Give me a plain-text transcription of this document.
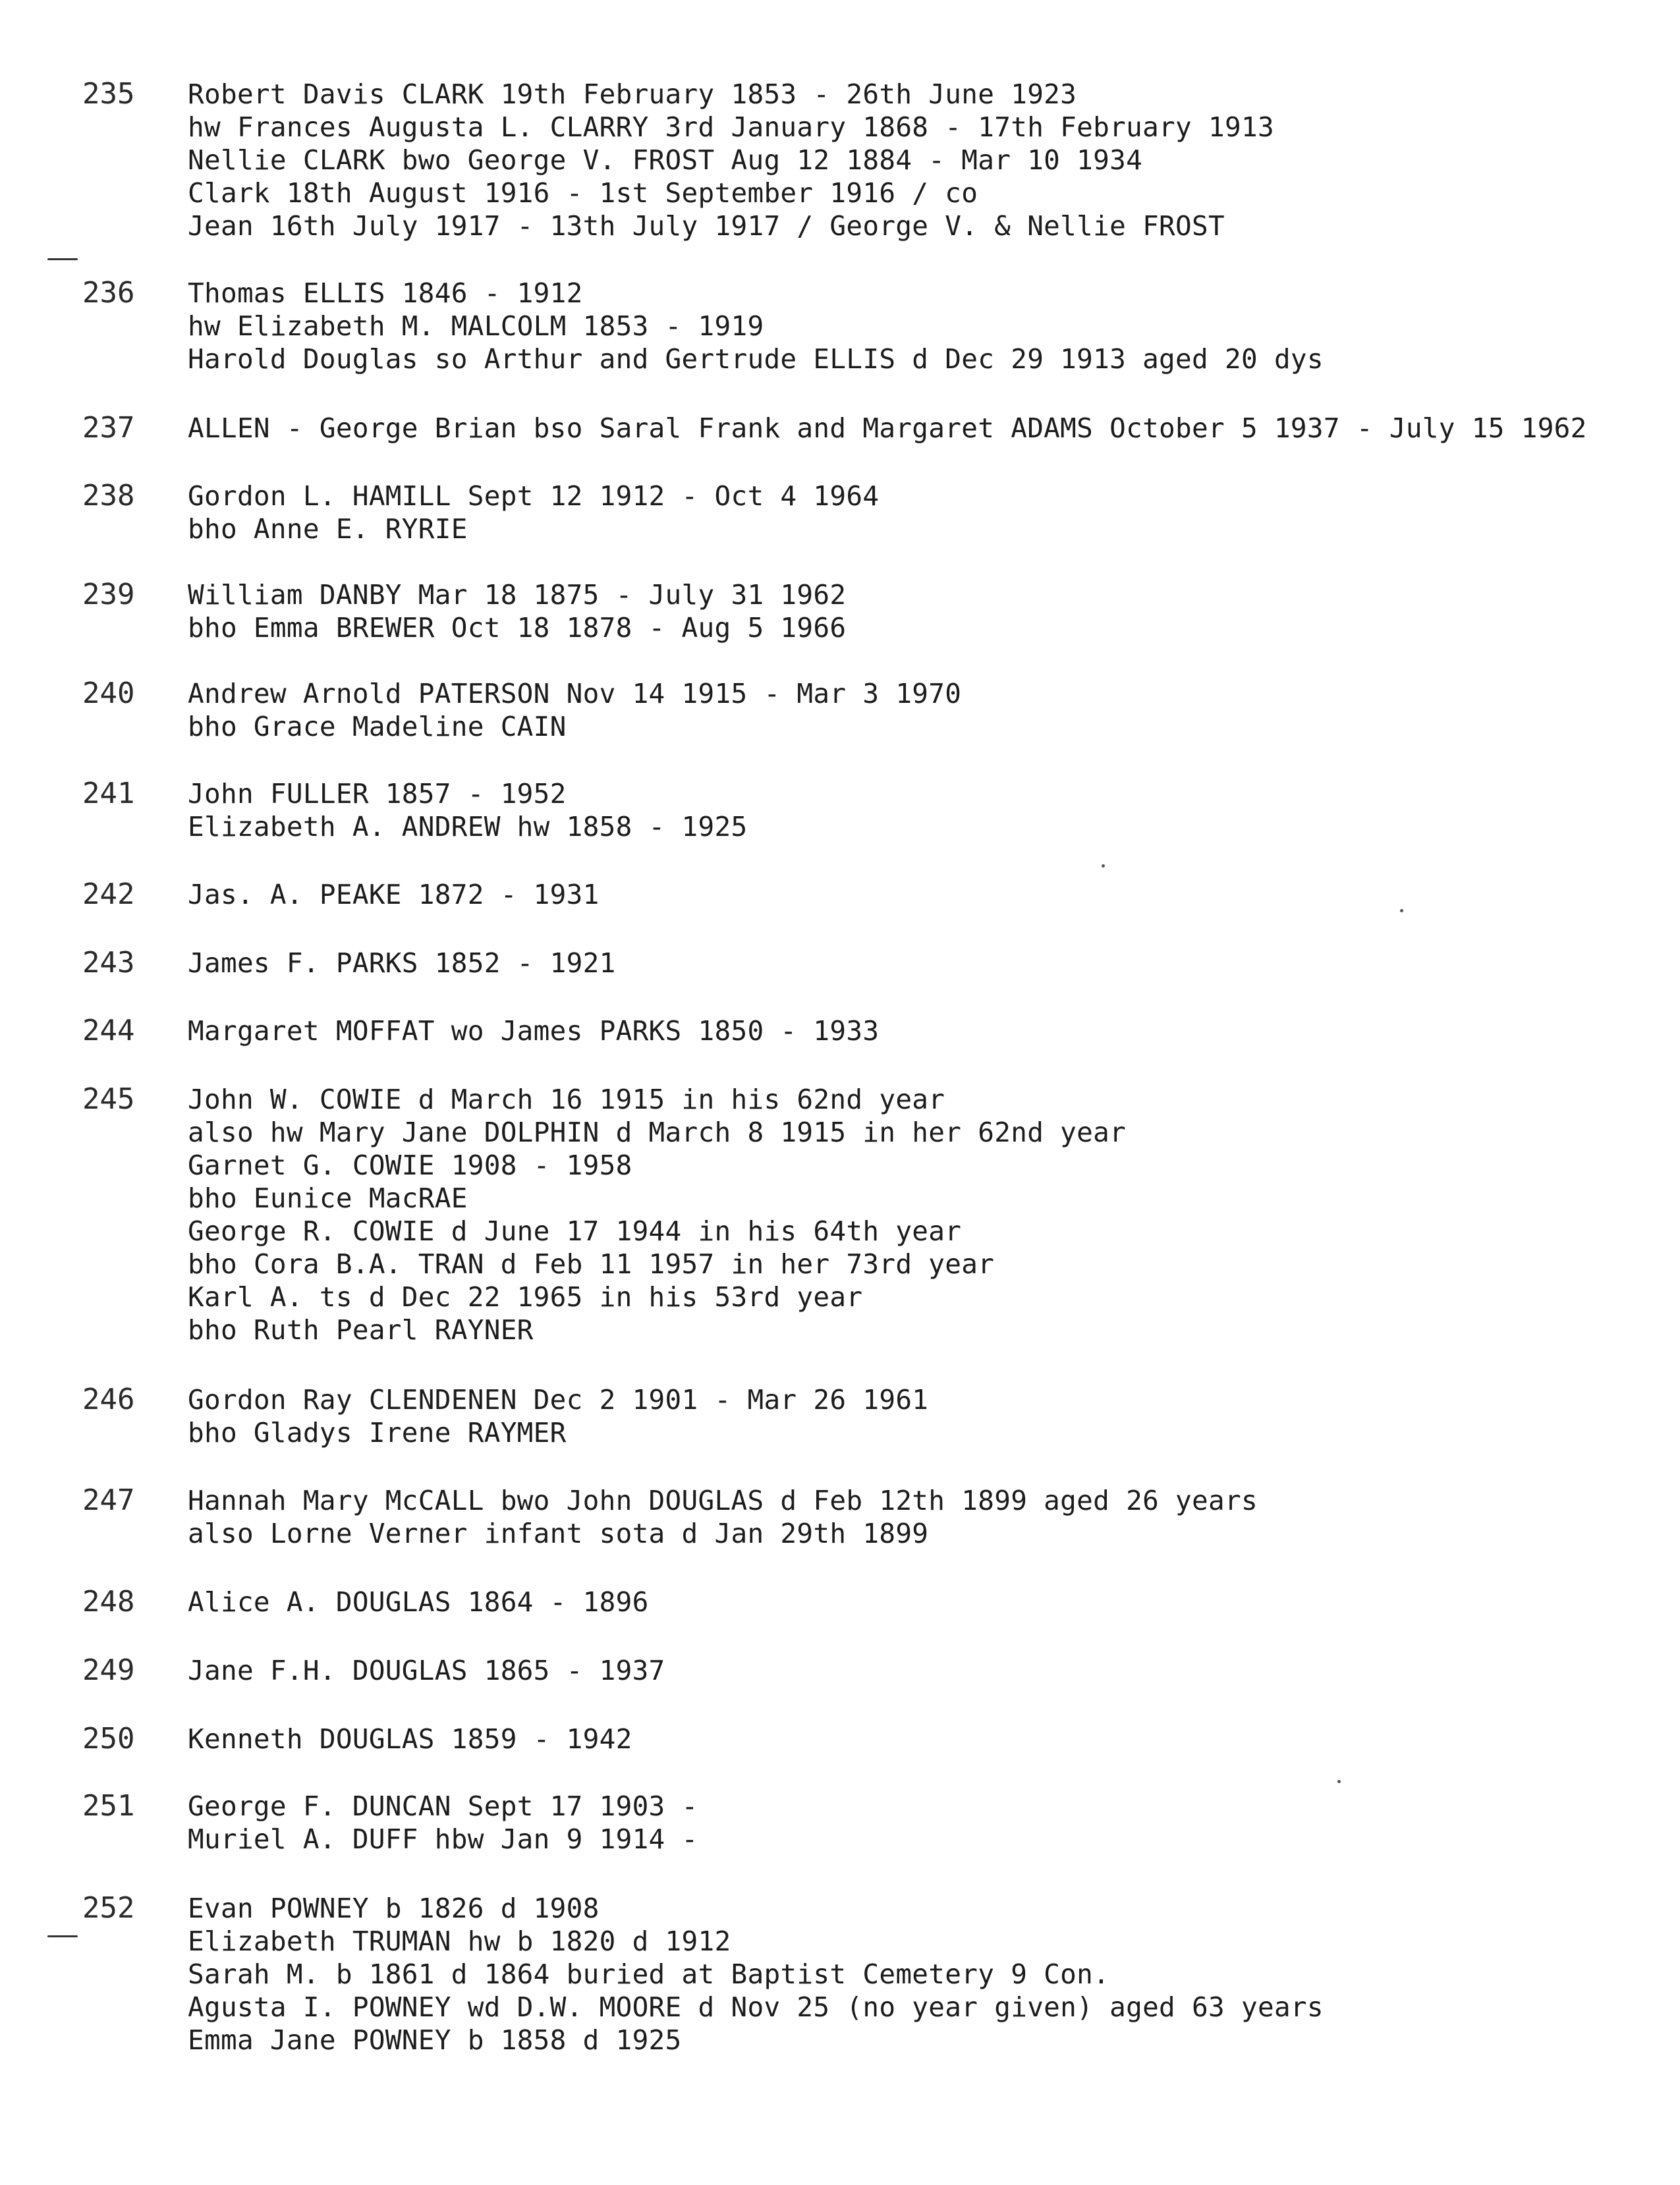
235 Robert Davis CLARK 19th February 1853 - 26th June 1923
hw Frances Augusta L. CLARRY 3rd January 1868 - 17th February 1913
Nellie CLARK bwo George V. FROST Aug 12 1884 - Mar 10 1934
Clark 18th August 1916 - 1st September 1916 / co
Jean 16th July 1917 - 13th July 1917 / George V. & Nellie FROST
236 Thomas ELLIS 1846 - 1912
hw Elizabeth M. MALCOLM 1853 - 1919
Harold Douglas so Arthur and Gertrude ELLIS d Dec 29 1913 aged 20 dys
237 ALLEN - George Brian bso Saral Frank and Margaret ADAMS October 5 1937 - July 15 1962
238 Gordon L. HAMILL Sept 12 1912 - Oct 4 1964
bho Anne E. RYRIE
239 William DANBY Mar 18 1875 - July 31 1962
bho Emma BREWER Oct 18 1878 - Aug 5 1966
240 Andrew Arnold PATERSON Nov 14 1915 - Mar 3 1970
bho Grace Madeline CAIN
241 John FULLER 1857 - 1952
Elizabeth A. ANDREW hw 1858 - 1925
242 Jas. A. PEAKE 1872 - 1931
243 James F. PARKS 1852 - 1921
244 Margaret MOFFAT wo James PARKS 1850 - 1933
245 John W. COWIE d March 16 1915 in his 62nd year
also hw Mary Jane DOLPHIN d March 8 1915 in her 62nd year
Garnet G. COWIE 1908 - 1958
bho Eunice MacRAE
George R. COWIE d June 17 1944 in his 64th year
bho Cora B.A. TRAN d Feb 11 1957 in her 73rd year
Karl A. ts d Dec 22 1965 in his 53rd year
bho Ruth Pearl RAYNER
246 Gordon Ray CLENDENEN Dec 2 1901 - Mar 26 1961
bho Gladys Irene RAYMER
247 Hannah Mary McCALL bwo John DOUGLAS d Feb 12th 1899 aged 26 years
also Lorne Verner infant sota d Jan 29th 1899
248 Alice A. DOUGLAS 1864 - 1896
249 Jane F.H. DOUGLAS 1865 - 1937
250 Kenneth DOUGLAS 1859 - 1942
251 George F. DUNCAN Sept 17 1903 -
Muriel A. DUFF hbw Jan 9 1914 -
252 Evan POWNEY b 1826 d 1908
Elizabeth TRUMAN hw b 1820 d 1912
Sarah M. b 1861 d 1864 buried at Baptist Cemetery 9 Con.
Agusta I. POWNEY wd D.W. MOORE d Nov 25 (no year given) aged 63 years
Emma Jane POWNEY b 1858 d 1925
